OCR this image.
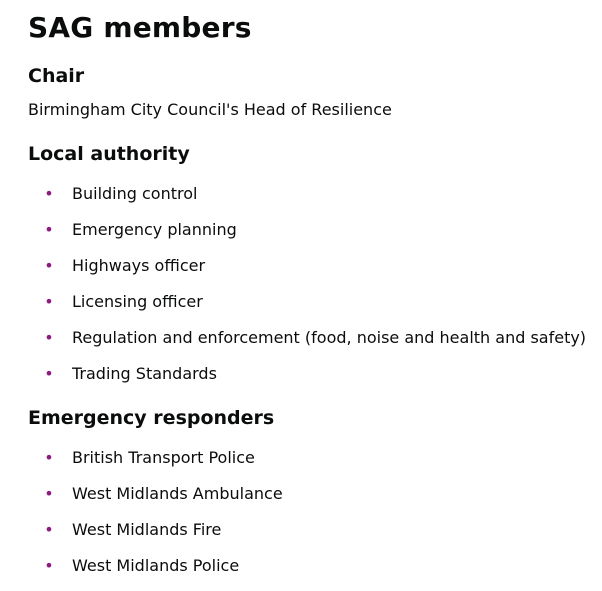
SAG members
Chair

Birmingham City Council's Head of Resilience

Local authority
• Building control
• Emergency planning
• Highways officer
• Licensing officer
• Regulation and enforcement (food, noise and health and safety)
• Trading Standards
Emergency responders
• British Transport Police
• West Midlands Ambulance
• West Midlands Fire
• West Midlands Police
